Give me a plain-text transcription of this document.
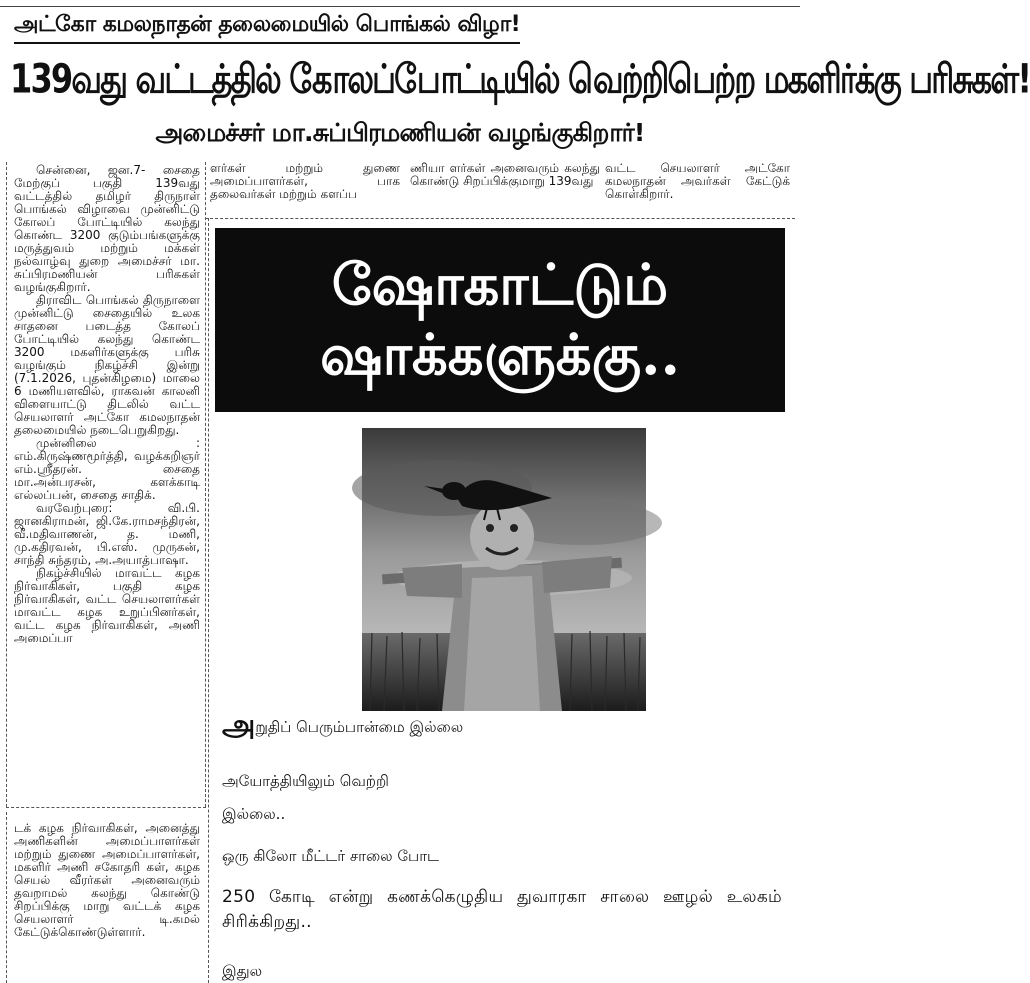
அட்கோ கமலநாதன் தலைமையில் பொங்கல் விழா!
139வது வட்டத்தில் கோலப்போட்டியில் வெற்றிபெற்ற மகளிர்க்கு பரிசுகள்!
அமைச்சர் மா.சுப்பிரமணியன் வழங்குகிறார்!

சென்னை, ஜன.7- சைதை மேற்குப் பகுதி 139வது வட்டத்தில் தமிழர் திருநாள் பொங்கல் விழாவை முன்னிட்டு கோலப் போட்டியில் கலந்து கொண்ட 3200 குடும்பங்களுக்கு மருத்துவம் மற்றும் மக்கள் நல்வாழ்வு துறை அமைச்சர் மா. சுப்பிரமணியன் பரிசுகள் வழங்குகிறார்.

திராவிட பொங்கல் திருநாளை முன்னிட்டு சைதையில் உலக சாதனை படைத்த கோலப் போட்டியில் கலந்து கொண்ட 3200 மகளிர்களுக்கு பரிசு வழங்கும் நிகழ்ச்சி இன்று (7.1.2026, புதன்கிழமை) மாலை 6 மணியளவில், ராகவன் காலனி விளையாட்டு திடலில் வட்ட செயலாளர் அட்கோ கமலநாதன் தலைமையில் நடைபெறுகிறது.

முன்னிலை : எம்.கிருஷ்ணமூர்த்தி, வழக்கறிஞர் எம்.ஸ்ரீதரன். சைதை மா.அன்பரசன், களக்காடி எல்லப்பன், சைதை சாதிக்.

வரவேற்புரை: வி.பி. ஜானகிராமன், ஜி.கே.ராமசந்திரன், வீ.மதிவாணன், த. மணி, மு.கதிரவன், பி.எஸ். முருகன், சாந்தி சுந்தரம், அ.அயாத்பாஷா.

நிகழ்ச்சியில் மாவட்ட கழக நிர்வாகிகள், பகுதி கழக நிர்வாகிகள், வட்ட செயலாளர்கள் மாவட்ட கழக உறுப்பினர்கள், வட்ட கழக நிர்வாகிகள், அணி அமைப்பா

ளர்கள் மற்றும் துணை அமைப்பாளர்கள், பாக தலைவர்கள் மற்றும் களப்ப

ணியா ளர்கள் அனைவரும் கலந்து கொண்டு சிறப்பிக்குமாறு 139வது

வட்ட செயலாளர் அட்கோ கமலநாதன் அவர்கள் கேட்டுக் கொள்கிறார்.

டக் கழக நிர்வாகிகள், அனைத்து அணிகளின் அமைப்பாளர்கள் மற்றும் துணை அமைப்பாளர்கள், மகளிர் அணி சகோதரி கள், கழக செயல் வீரர்கள் அனைவரும் தவறாமல் கலந்து கொண்டு சிறப்பிக்கு மாறு வட்டக் கழக செயலாளர் டி.கமல் கேட்டுக்கொண்டுள்ளார்.

ஷோகாட்டும்
ஷாக்களுக்கு..
அறுதிப் பெரும்பான்மை இல்லை
அயோத்தியிலும் வெற்றி
இல்லை..
ஒரு கிலோ மீட்டர் சாலை போட
250 கோடி என்று கணக்கெழுதிய துவாரகா சாலை ஊழல் உலகம் சிரிக்கிறது..
இதுல
